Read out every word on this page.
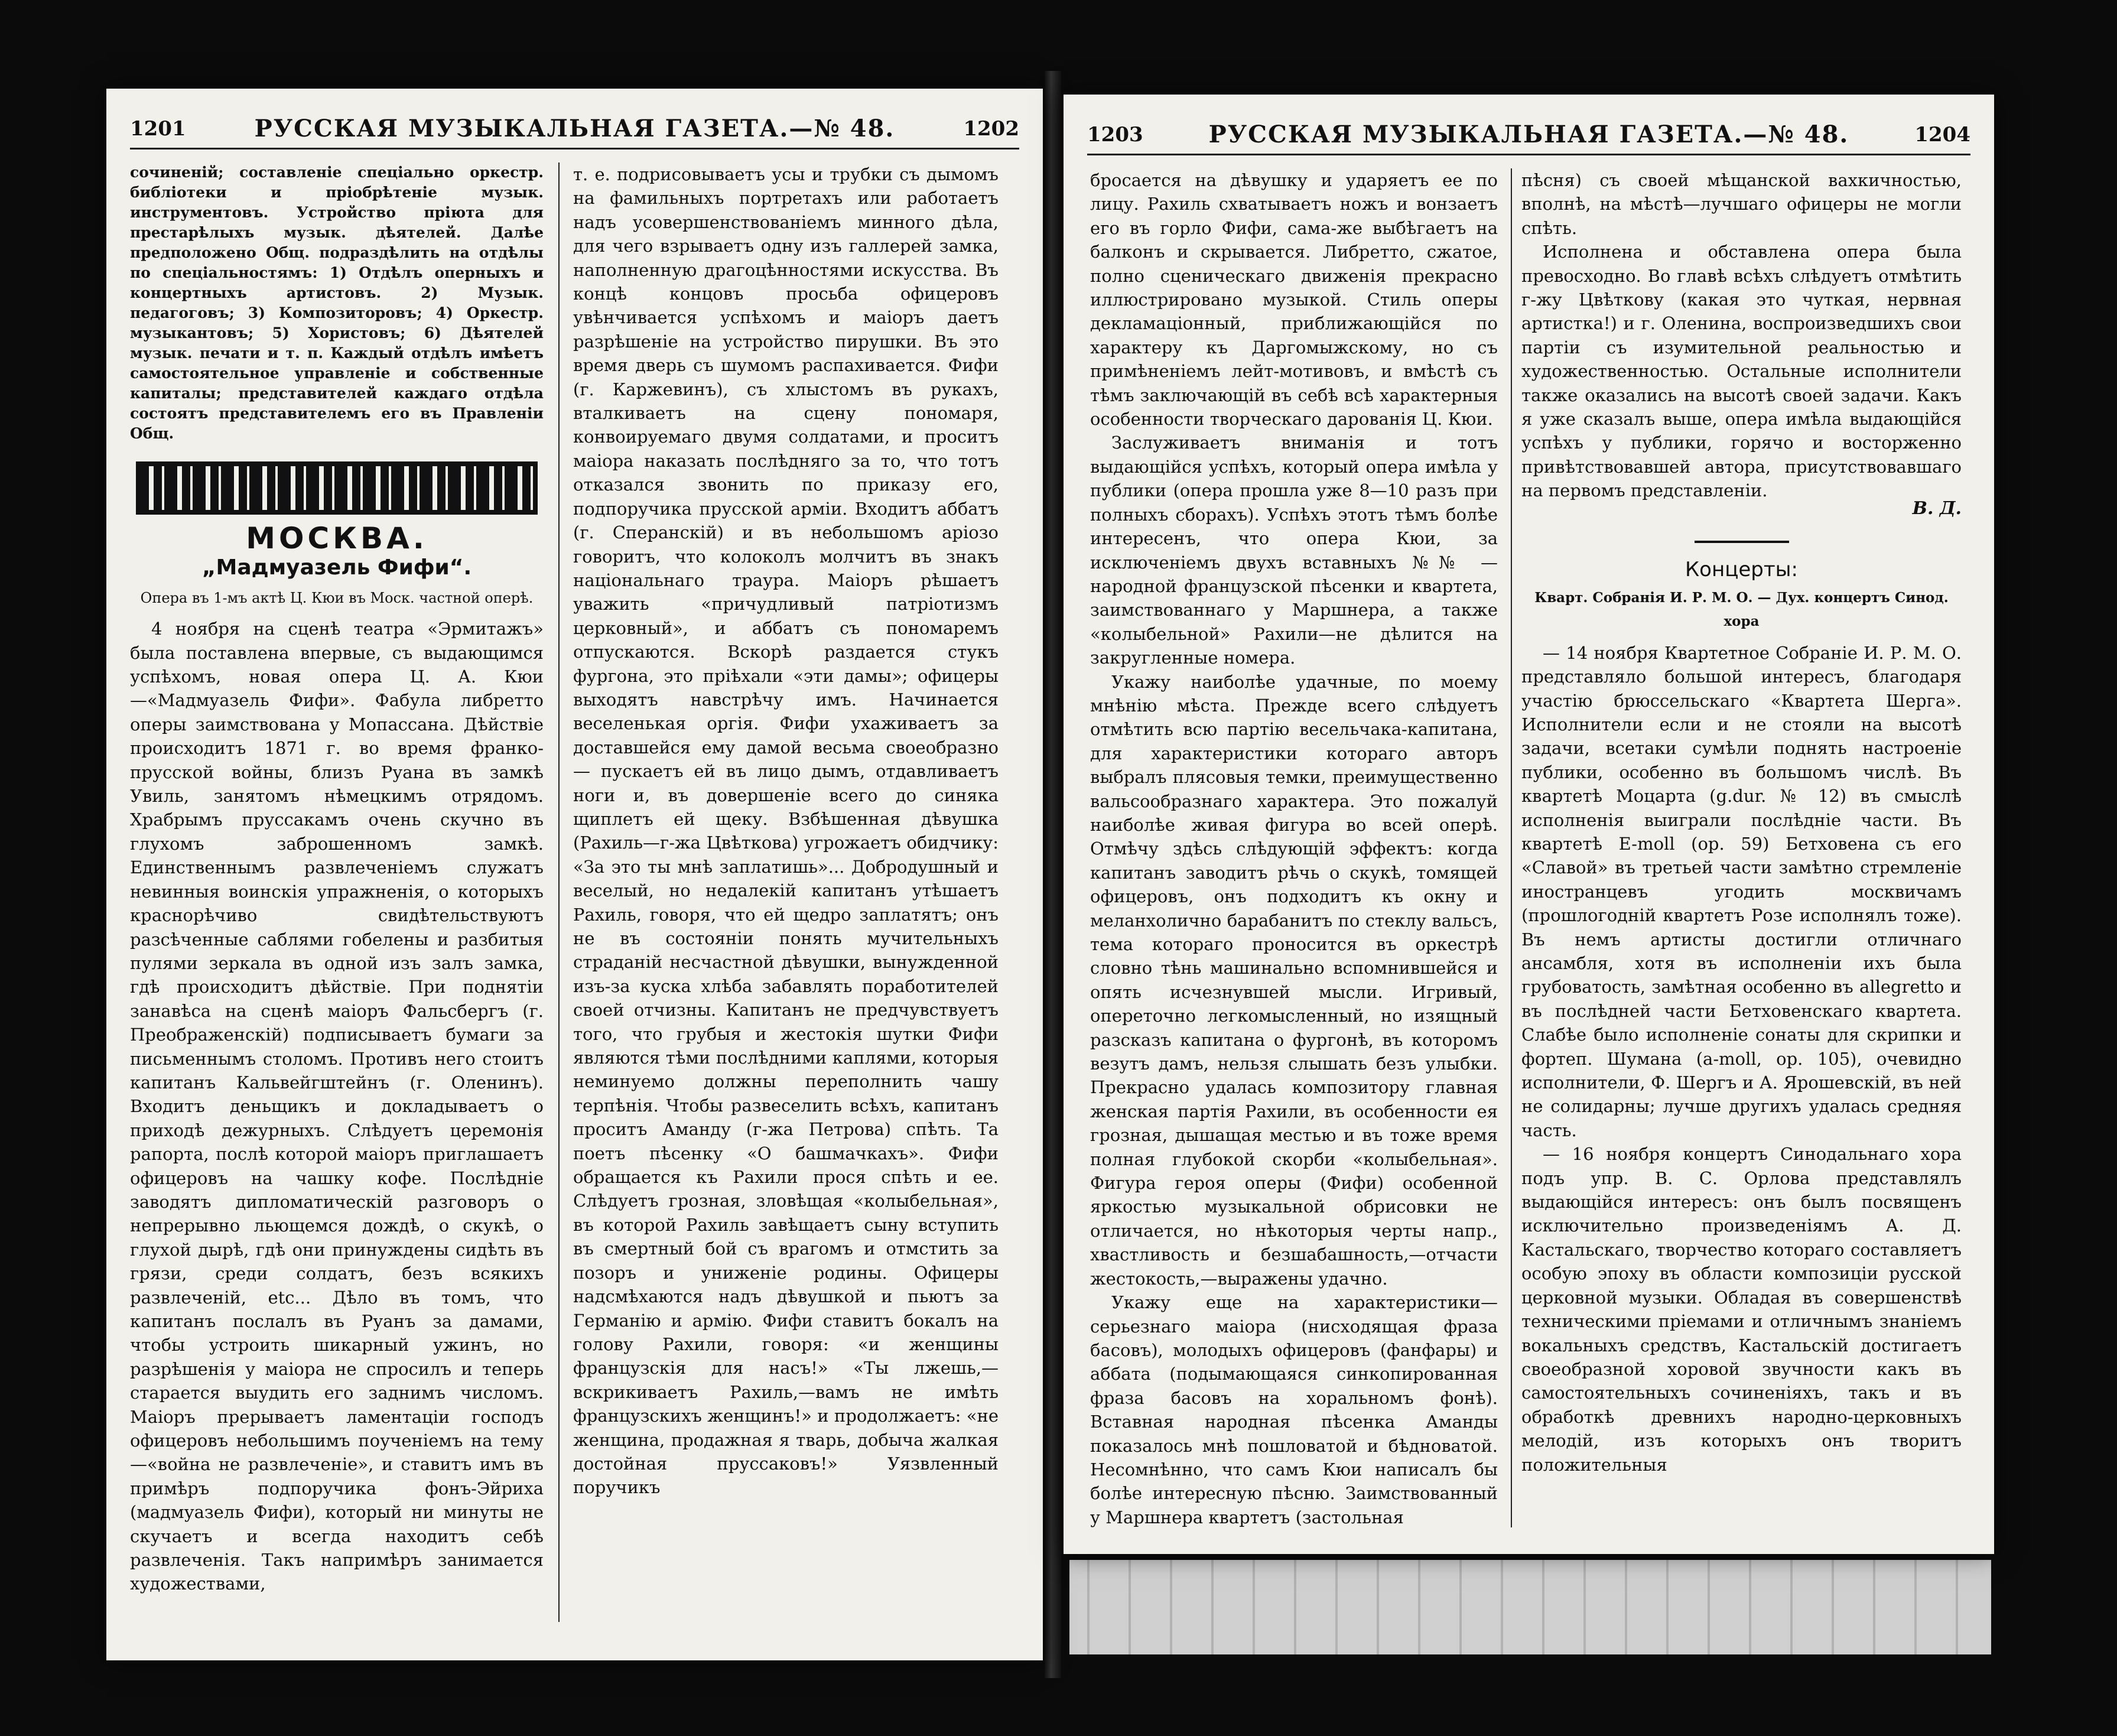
1201	РУССКАЯ МУЗЫКАЛЬНАЯ ГАЗЕТА.—№ 48.	1202

сочиненій; составленіе спеціально оркестр. библіотеки и пріобрѣтеніе музык. инструментовъ. Устройство пріюта для престарѣлыхъ музык. дѣятелей. Далѣе предположено Общ. подраздѣлить на отдѣлы по спеціальностямъ: 1) Отдѣлъ оперныхъ и концертныхъ артистовъ. 2) Музык. педагоговъ; 3) Композиторовъ; 4) Оркестр. музыкантовъ; 5) Хористовъ; 6) Дѣятелей музык. печати и т. п. Каждый отдѣлъ имѣетъ самостоятельное управленіе и собственные капиталы; представителей каждаго отдѣла состоятъ представителемъ его въ Правленіи Общ.

МОСКВА.
„Мадмуазель Фифи“.
Опера въ 1-мъ актѣ Ц. Кюи въ Моск. частной оперѣ.

4 ноября на сценѣ театра «Эрмитажъ» была поставлена впервые, съ выдающимся успѣхомъ, новая опера Ц. А. Кюи—«Мадмуазель Фифи». Фабула либретто оперы заимствована у Мопассана. Дѣйствіе происходитъ 1871 г. во время франко-прусской войны, близъ Руана въ замкѣ Увиль, занятомъ нѣмецкимъ отрядомъ. Храбрымъ пруссакамъ очень скучно въ глухомъ заброшенномъ замкѣ. Единственнымъ развлеченіемъ служатъ невинныя воинскія упражненія, о которыхъ краснорѣчиво свидѣтельствуютъ разсѣченные саблями гобелены и разбитыя пулями зеркала въ одной изъ залъ замка, гдѣ происходитъ дѣйствіе. При поднятіи занавѣса на сценѣ маіоръ Фальсбергъ (г. Преображенскій) подписываетъ бумаги за письменнымъ столомъ. Противъ него стоитъ капитанъ Кальвейгштейнъ (г. Оленинъ). Входитъ деньщикъ и докладываетъ о приходѣ дежурныхъ. Слѣдуетъ церемонія рапорта, послѣ которой маіоръ приглашаетъ офицеровъ на чашку кофе. Послѣдніе заводятъ дипломатическій разговоръ о непрерывно льющемся дождѣ, о скукѣ, о глухой дырѣ, гдѣ они принуждены сидѣть въ грязи, среди солдатъ, безъ всякихъ развлеченій, etc... Дѣло въ томъ, что капитанъ послалъ въ Руанъ за дамами, чтобы устроить шикарный ужинъ, но разрѣшенія у маіора не спросилъ и теперь старается выудить его заднимъ числомъ. Маіоръ прерываетъ ламентаціи господъ офицеровъ небольшимъ поученіемъ на тему—«война не развлеченіе», и ставитъ имъ въ примѣръ подпоручика фонъ-Эйриха (мадмуазель Фифи), который ни минуты не скучаетъ и всегда находитъ себѣ развлеченія. Такъ напримѣръ занимается художествами,

т. е. подрисовываетъ усы и трубки съ дымомъ на фамильныхъ портретахъ или работаетъ надъ усовершенствованіемъ минного дѣла, для чего взрываетъ одну изъ галлерей замка, наполненную драгоцѣнностями искусства. Въ концѣ концовъ просьба офицеровъ увѣнчивается успѣхомъ и маіоръ даетъ разрѣшеніе на устройство пирушки. Въ это время дверь съ шумомъ распахивается. Фифи (г. Каржевинъ), съ хлыстомъ въ рукахъ, вталкиваетъ на сцену пономаря, конвоируемаго двумя солдатами, и проситъ маіора наказать послѣдняго за то, что тотъ отказался звонить по приказу его, подпоручика прусской арміи. Входитъ аббатъ (г. Сперанскій) и въ небольшомъ аріозо говоритъ, что колоколъ молчитъ въ знакъ національнаго траура. Маіоръ рѣшаетъ уважить «причудливый патріотизмъ церковный», и аббатъ съ пономаремъ отпускаются. Вскорѣ раздается стукъ фургона, это пріѣхали «эти дамы»; офицеры выходятъ навстрѣчу имъ. Начинается веселенькая оргія. Фифи ухаживаетъ за доставшейся ему дамой весьма своеобразно — пускаетъ ей въ лицо дымъ, отдавливаетъ ноги и, въ довершеніе всего до синяка щиплетъ ей щеку. Взбѣшенная дѣвушка (Рахиль—г-жа Цвѣткова) угрожаетъ обидчику: «За это ты мнѣ заплатишь»... Добродушный и веселый, но недалекій капитанъ утѣшаетъ Рахиль, говоря, что ей щедро заплатятъ; онъ не въ состояніи понять мучительныхъ страданій несчастной дѣвушки, вынужденной изъ-за куска хлѣба забавлять поработителей своей отчизны. Капитанъ не предчувствуетъ того, что грубыя и жестокія шутки Фифи являются тѣми послѣдними каплями, которыя неминуемо должны переполнить чашу терпѣнія. Чтобы развеселить всѣхъ, капитанъ проситъ Аманду (г-жа Петрова) спѣть. Та поетъ пѣсенку «О башмачкахъ». Фифи обращается къ Рахили прося спѣть и ее. Слѣдуетъ грозная, зловѣщая «колыбельная», въ которой Рахиль завѣщаетъ сыну вступить въ смертный бой съ врагомъ и отмстить за позоръ и униженіе родины. Офицеры надсмѣхаются надъ дѣвушкой и пьютъ за Германію и армію. Фифи ставитъ бокалъ на голову Рахили, говоря: «и женщины французскія для насъ!» «Ты лжешь,— вскрикиваетъ Рахиль,—вамъ не имѣть французскихъ женщинъ!» и продолжаетъ: «не женщина, продажная я тварь, добыча жалкая достойная пруссаковъ!» Уязвленный поручикъ

1203	РУССКАЯ МУЗЫКАЛЬНАЯ ГАЗЕТА.—№ 48.	1204

бросается на дѣвушку и ударяетъ ее по лицу. Рахиль схватываетъ ножъ и вонзаетъ его въ горло Фифи, сама-же выбѣгаетъ на балконъ и скрывается. Либретто, сжатое, полно сценическаго движенія прекрасно иллюстрировано музыкой. Стиль оперы декламаціонный, приближающійся по характеру къ Даргомыжскому, но съ примѣненіемъ лейт-мотивовъ, и вмѣстѣ съ тѣмъ заключающій въ себѣ всѣ характерныя особенности творческаго дарованія Ц. Кюи.

Заслуживаетъ вниманія и тотъ выдающійся успѣхъ, который опера имѣла у публики (опера прошла уже 8—10 разъ при полныхъ сборахъ). Успѣхъ этотъ тѣмъ болѣе интересенъ, что опера Кюи, за исключеніемъ двухъ вставныхъ №№ — народной французской пѣсенки и квартета, заимствованнаго у Маршнера, а также «колыбельной» Рахили—не дѣлится на закругленные номера.

Укажу наиболѣе удачные, по моему мнѣнію мѣста. Прежде всего слѣдуетъ отмѣтить всю партію весельчака-капитана, для характеристики котораго авторъ выбралъ плясовыя темки, преимущественно вальсообразнаго характера. Это пожалуй наиболѣе живая фигура во всей оперѣ. Отмѣчу здѣсь слѣдующій эффектъ: когда капитанъ заводитъ рѣчь о скукѣ, томящей офицеровъ, онъ подходитъ къ окну и меланхолично барабанитъ по стеклу вальсъ, тема котораго проносится въ оркестрѣ словно тѣнь машинально вспомнившейся и опять исчезнувшей мысли. Игривый, опереточно легкомысленный, но изящный разсказъ капитана о фургонѣ, въ которомъ везутъ дамъ, нельзя слышать безъ улыбки. Прекрасно удалась композитору главная женская партія Рахили, въ особенности ея грозная, дышащая местью и въ тоже время полная глубокой скорби «колыбельная». Фигура героя оперы (Фифи) особенной яркостью музыкальной обрисовки не отличается, но нѣкоторыя черты напр., хвастливость и безшабашность,—отчасти жестокость,—выражены удачно.

Укажу еще на характеристики—серьезнаго маіора (нисходящая фраза басовъ), молодыхъ офицеровъ (фанфары) и аббата (подымающаяся синкопированная фраза басовъ на хоральномъ фонѣ). Вставная народная пѣсенка Аманды показалось мнѣ пошловатой и бѣдноватой. Несомнѣнно, что самъ Кюи написалъ бы болѣе интересную пѣсню. Заимствованный у Маршнера квартетъ (застольная

пѣсня) съ своей мѣщанской вахкичностью, вполнѣ, на мѣстѣ—лучшаго офицеры не могли спѣть.

Исполнена и обставлена опера была превосходно. Во главѣ всѣхъ слѣдуетъ отмѣтить г-жу Цвѣткову (какая это чуткая, нервная артистка!) и г. Оленина, воспроизведшихъ свои партіи съ изумительной реальностью и художественностью. Остальные исполнители также оказались на высотѣ своей задачи. Какъ я уже сказалъ выше, опера имѣла выдающійся успѣхъ у публики, горячо и восторженно привѣтствовавшей автора, присутствовавшаго на первомъ представленіи.

В. Д.
Концерты:
Кварт. Собранія И. Р. М. О. — Дух. концертъ Синод. хора

— 14 ноября Квартетное Собраніе И. Р. М. О. представляло большой интересъ, благодаря участію брюссельскаго «Квартета Шерга». Исполнители если и не стояли на высотѣ задачи, всетаки сумѣли поднять настроеніе публики, особенно въ большомъ числѣ. Въ квартетѣ Моцарта (g.dur. № 12) въ смыслѣ исполненія выиграли послѣдніе части. Въ квартетѣ E-moll (ор. 59) Бетховена съ его «Славой» въ третьей части замѣтно стремленіе иностранцевъ угодить москвичамъ (прошлогодній квартетъ Розе исполнялъ тоже). Въ немъ артисты достигли отличнаго ансамбля, хотя въ исполненіи ихъ была грубоватость, замѣтная особенно въ allegretto и въ послѣдней части Бетховенскаго квартета. Слабѣе было исполненіе сонаты для скрипки и фортеп. Шумана (a-moll, ор. 105), очевидно исполнители, Ф. Шергъ и А. Ярошевскій, въ ней не солидарны; лучше другихъ удалась средняя часть.

— 16 ноября концертъ Синодальнаго хора подъ упр. В. С. Орлова представлялъ выдающійся интересъ: онъ былъ посвященъ исключительно произведеніямъ А. Д. Кастальскаго, творчество котораго составляетъ особую эпоху въ области композиціи русской церковной музыки. Обладая въ совершенствѣ техническими пріемами и отличнымъ знаніемъ вокальныхъ средствъ, Кастальскій достигаетъ своеобразной хоровой звучности какъ въ самостоятельныхъ сочиненіяхъ, такъ и въ обработкѣ древнихъ народно-церковныхъ мелодій, изъ которыхъ онъ творитъ положительныя
